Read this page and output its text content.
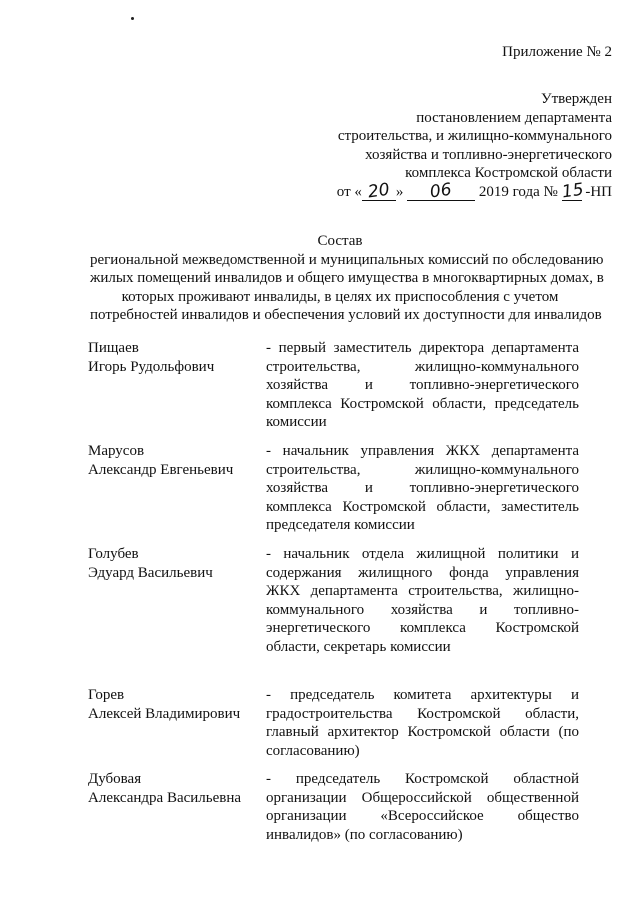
Приложение № 2
Утвержден
постановлением департамента
строительства, и жилищно-коммунального
хозяйства и топливно-энергетического
комплекса Костромской области
от « 20 » 06 2019 года № 15 -НП
Состав
региональной межведомственной и муниципальных комиссий по обследованию
жилых помещений инвалидов и общего имущества в многоквартирных домах, в
которых проживают инвалиды, в целях их приспособления с учетом
потребностей инвалидов и обеспечения условий их доступности для инвалидов
Пищаев
Игорь Рудольфович
- первый заместитель директора департамента
строительства, жилищно-коммунального
хозяйства и топливно-энергетического
комплекса Костромской области, председатель
комиссии
Марусов
Александр Евгеньевич
- начальник управления ЖКХ департамента
строительства, жилищно-коммунального
хозяйства и топливно-энергетического
комплекса Костромской области, заместитель
председателя комиссии
Голубев
Эдуард Васильевич
- начальник отдела жилищной политики и
содержания жилищного фонда управления
ЖКХ департамента строительства, жилищно-
коммунального хозяйства и топливно-
энергетического комплекса Костромской
области, секретарь комиссии
Горев
Алексей Владимирович
- председатель комитета архитектуры и
градостроительства Костромской области,
главный архитектор Костромской области (по
согласованию)
Дубовая
Александра Васильевна
- председатель Костромской областной
организации Общероссийской общественной
организации «Всероссийское общество
инвалидов» (по согласованию)
